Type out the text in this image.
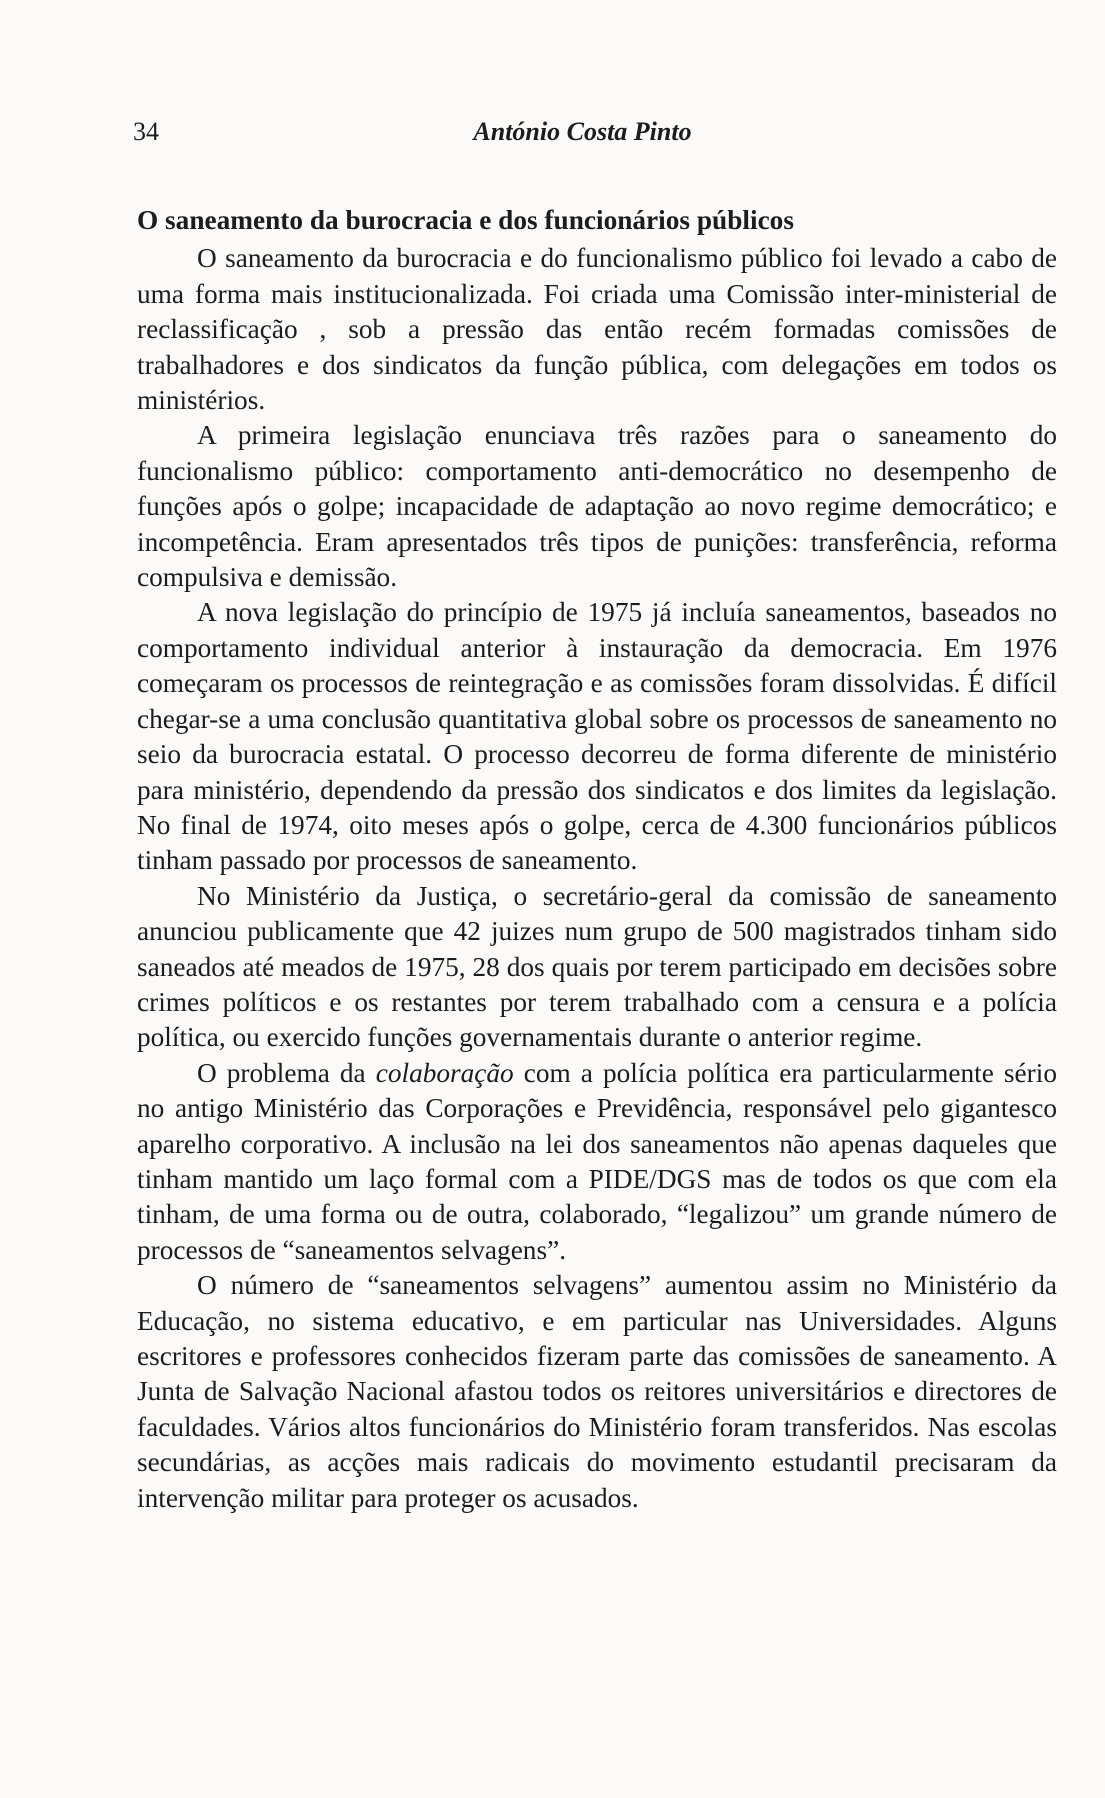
34	António Costa Pinto
O saneamento da burocracia e dos funcionários públicos

O saneamento da burocracia e do funcionalismo público foi levado a cabo de uma forma mais institucionalizada. Foi criada uma Comissão inter-ministerial de reclassificação , sob a pressão das então recém formadas comissões de trabalhadores e dos sindicatos da função pública, com delegações em todos os ministérios.

A primeira legislação enunciava três razões para o saneamento do funcionalismo público: comportamento anti-democrático no desempenho de funções após o golpe; incapacidade de adaptação ao novo regime democrático; e incompetência. Eram apresentados três tipos de punições: transferência, reforma compulsiva e demissão.

A nova legislação do princípio de 1975 já incluía saneamentos, baseados no comportamento individual anterior à instauração da democracia. Em 1976 começaram os processos de reintegração e as comissões foram dissolvidas. É difícil chegar-se a uma conclusão quantitativa global sobre os processos de saneamento no seio da burocracia estatal. O processo decorreu de forma diferente de ministério para ministério, dependendo da pressão dos sindicatos e dos limites da legislação. No final de 1974, oito meses após o golpe, cerca de 4.300 funcionários públicos tinham passado por processos de saneamento.

No Ministério da Justiça, o secretário-geral da comissão de saneamento anunciou publicamente que 42 juizes num grupo de 500 magistrados tinham sido saneados até meados de 1975, 28 dos quais por terem participado em decisões sobre crimes políticos e os restantes por terem trabalhado com a censura e a polícia política, ou exercido funções governamentais durante o anterior regime.

O problema da colaboração com a polícia política era particularmente sério no antigo Ministério das Corporações e Previdência, responsável pelo gigantesco aparelho corporativo. A inclusão na lei dos saneamentos não apenas daqueles que tinham mantido um laço formal com a PIDE/DGS mas de todos os que com ela tinham, de uma forma ou de outra, colaborado, “legalizou” um grande número de processos de “saneamentos selvagens”.

O número de “saneamentos selvagens” aumentou assim no Ministério da Educação, no sistema educativo, e em particular nas Universidades. Alguns escritores e professores conhecidos fizeram parte das comissões de saneamento. A Junta de Salvação Nacional afastou todos os reitores universitários e directores de faculdades. Vários altos funcionários do Ministério foram transferidos. Nas escolas secundárias, as acções mais radicais do movimento estudantil precisaram da intervenção militar para proteger os acusados.
